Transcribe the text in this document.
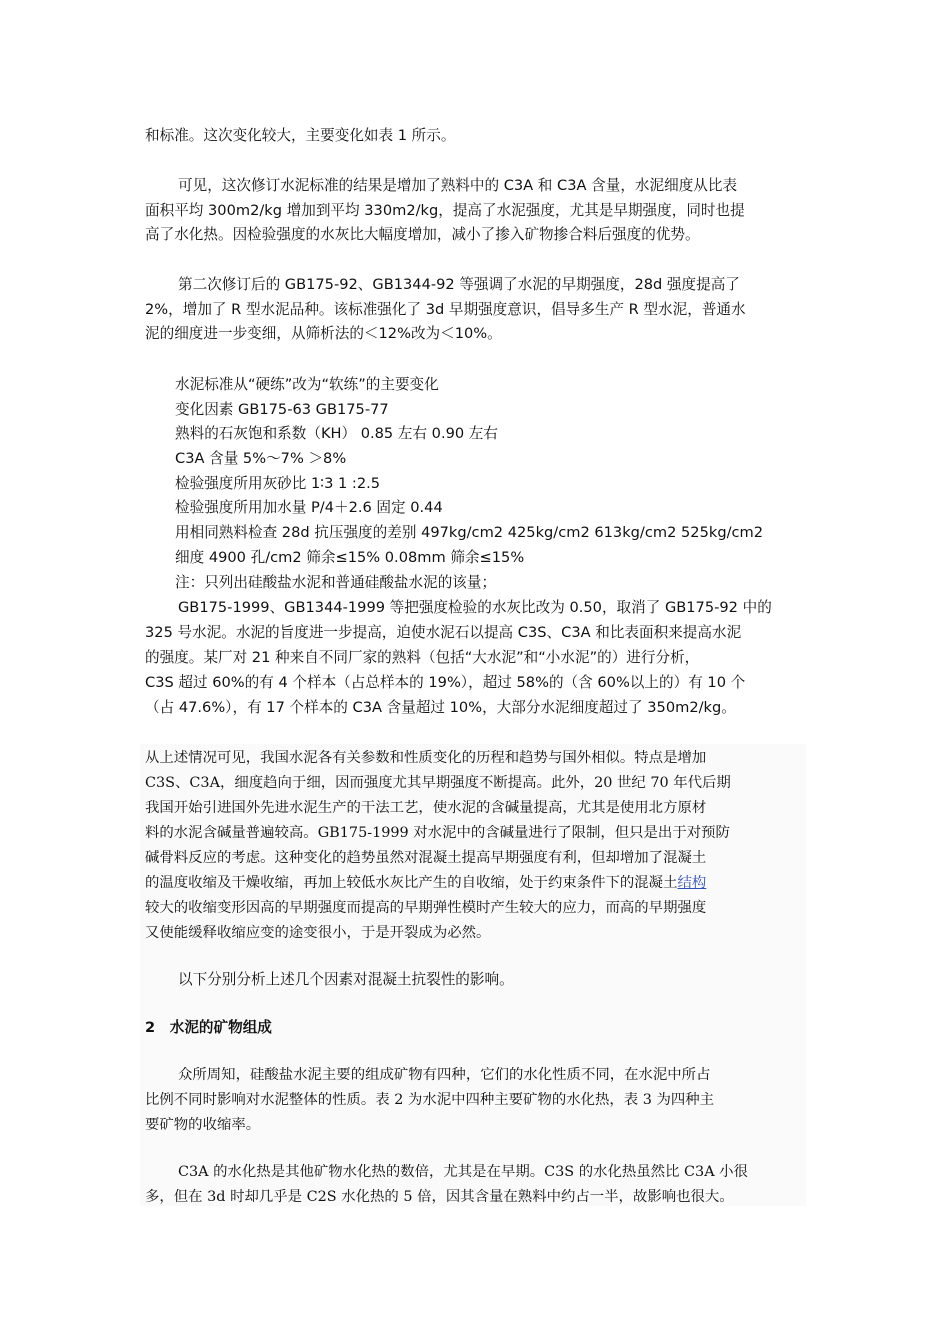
和标准。这次变化较大，主要变化如表 1 所示。
可见，这次修订水泥标准的结果是增加了熟料中的 C3A 和 C3A 含量，水泥细度从比表
面积平均 300m2/kg 增加到平均 330m2/kg，提高了水泥强度，尤其是早期强度，同时也提
高了水化热。因检验强度的水灰比大幅度增加，减小了掺入矿物掺合料后强度的优势。
第二次修订后的 GB175-92、GB1344-92 等强调了水泥的早期强度，28d 强度提高了
2%，增加了 R 型水泥品种。该标准强化了 3d 早期强度意识，倡导多生产 R 型水泥，普通水
泥的细度进一步变细，从筛析法的＜12%改为＜10%。
水泥标准从“硬练”改为“软练”的主要变化
变化因素 GB175-63 GB175-77
熟料的石灰饱和系数（KH） 0.85 左右 0.90 左右
C3A 含量 5%～7% ＞8%
检验强度所用灰砂比 1∶3 1 :2.5
检验强度所用加水量 P/4＋2.6 固定 0.44
用相同熟料检查 28d 抗压强度的差别 497kg/cm2 425kg/cm2 613kg/cm2 525kg/cm2
细度 4900 孔/cm2 筛余≤15% 0.08mm 筛余≤15%
注：只列出硅酸盐水泥和普通硅酸盐水泥的该量；
GB175-1999、GB1344-1999 等把强度检验的水灰比改为 0.50，取消了 GB175-92 中的
325 号水泥。水泥的旨度进一步提高，迫使水泥石以提高 C3S、C3A 和比表面积来提高水泥
的强度。某厂对 21 种来自不同厂家的熟料（包括“大水泥”和“小水泥”的）进行分析，
C3S 超过 60%的有 4 个样本（占总样本的 19%），超过 58%的（含 60%以上的）有 10 个
（占 47.6%），有 17 个样本的 C3A 含量超过 10%，大部分水泥细度超过了 350m2/kg。
从上述情况可见，我国水泥各有关参数和性质变化的历程和趋势与国外相似。特点是增加
C3S、C3A，细度趋向于细，因而强度尤其早期强度不断提高。此外，20 世纪 70 年代后期
我国开始引进国外先进水泥生产的干法工艺，使水泥的含碱量提高，尤其是使用北方原材
料的水泥含碱量普遍较高。GB175-1999 对水泥中的含碱量进行了限制，但只是出于对预防
碱骨料反应的考虑。这种变化的趋势虽然对混凝土提高早期强度有利，但却增加了混凝土
的温度收缩及干燥收缩，再加上较低水灰比产生的自收缩，处于约束条件下的混凝土结构
较大的收缩变形因高的早期强度而提高的早期弹性模时产生较大的应力，而高的早期强度
又使能缓释收缩应变的途变很小，于是开裂成为必然。
以下分别分析上述几个因素对混凝土抗裂性的影响。
2　水泥的矿物组成
众所周知，硅酸盐水泥主要的组成矿物有四种，它们的水化性质不同，在水泥中所占
比例不同时影响对水泥整体的性质。表 2 为水泥中四种主要矿物的水化热，表 3 为四种主
要矿物的收缩率。
C3A 的水化热是其他矿物水化热的数倍，尤其是在早期。C3S 的水化热虽然比 C3A 小很
多，但在 3d 时却几乎是 C2S 水化热的 5 倍，因其含量在熟料中约占一半，故影响也很大。
